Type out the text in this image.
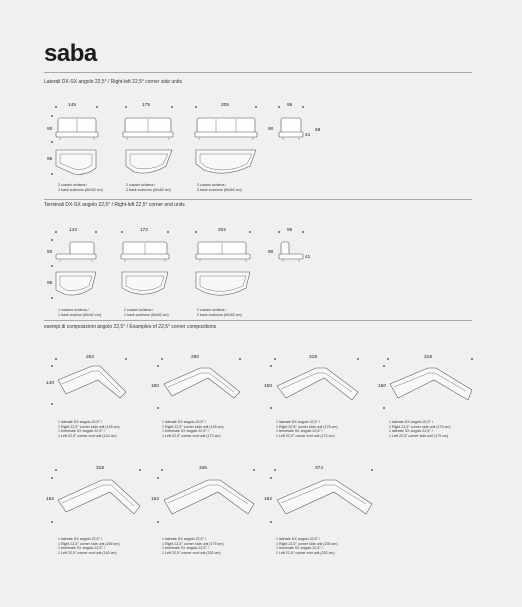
saba
Laterali DX-SX angolo 22,5° / Right-left 22,5° corner side units
145	175	205	95
90
95
90
41
68
2 cuscini schiena /
2 back cushions (60x52 cm)
2 cuscini schiena /
2 back cushions (60x52 cm)
3 cuscini schiena /
3 back cushions (60x52 cm)
Terminali DX-SX angolo 22,5° / Right-left 22,5° corner end units
142	172	202	95
90
95
90
41
1 cuscino schiena /
1 back cushion (60x52 cm)
2 cuscini schiena /
2 back cushions (60x52 cm)
2 cuscini schiena /
2 back cushions (60x52 cm)
esempi di composizioni angolo 22,5° / Examples of 22,5° corner compositions
262
140
290
150
318
150
318
150
318
162
346
162
374
162
1 laterale DX angolo 22,5° /
1 Right 22,5° corner side unit (145 cm)
1 terminale SX angolo 22,5° /
1 Left 22,5° corner end unit (142 cm)
1 laterale DX angolo 22,5° /
1 Right 22,5° corner side unit (145 cm)
1 terminale SX angolo 22,5° /
1 Left 22,5° corner end unit (172 cm)
1 laterale DX angolo 22,5° /
1 Right 22,5° corner side unit (175 cm)
1 terminale SX angolo 22,5° /
1 Left 22,5° corner end unit (172 cm)
1 laterale DX angolo 22,5° /
1 Right 22,5° corner side unit (175 cm)
1 laterale SX angolo 22,5° /
1 Left 22,5° corner side unit (175 cm)
1 laterale DX angolo 22,5° /
1 Right 22,5° corner side unit (205 cm)
1 terminale SX angolo 22,5° /
1 Left 22,5° corner end unit (142 cm)
1 laterale DX angolo 22,5° /
1 Right 22,5° corner side unit (175 cm)
1 terminale SX angolo 22,5° /
1 Left 22,5° corner end unit (202 cm)
1 laterale DX angolo 22,5° /
1 Right 22,5° corner side unit (205 cm)
1 terminale SX angolo 22,5° /
1 Left 22,5° corner end unit (202 cm)
